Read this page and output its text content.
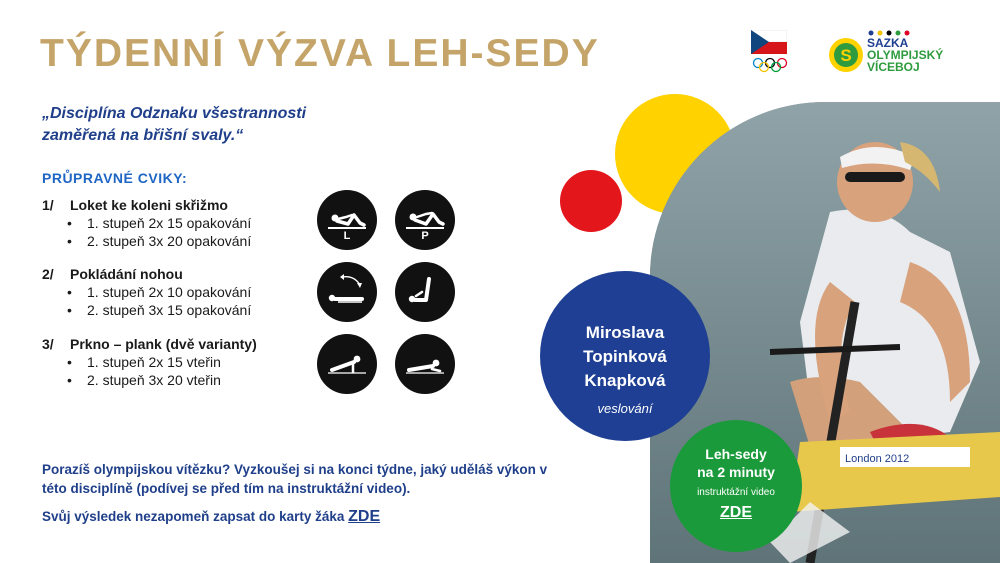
TÝDENNÍ VÝZVA LEH-SEDY	S
SAZKA
OLYMPIJSKÝ
VÍCEBOJ
„Disciplína Odznaku všestrannosti
zaměřená na břišní svaly.“
PRŮPRAVNÉ CVIKY:
1/	Loket ke koleni skřižmo
• 1. stupeň 2x 15 opakování
• 2. stupeň 3x 20 opakování
2/	Pokládání nohou
• 1. stupeň 2x 10 opakování
• 2. stupeň 3x 15 opakování
3/	Prkno – plank (dvě varianty)
• 1. stupeň 2x 15 vteřin
• 2. stupeň 3x 20 vteřin
L	P
Porazíš olympijskou vítězku? Vyzkoušej si na konci týdne, jaký uděláš výkon v této disciplíně (podívej se před tím na instruktážní video).
Svůj výsledek nezapomeň zapsat do karty žáka ZDE
London 2012
Miroslava
Topinková
Knapková
veslování
Leh-sedy
na 2 minuty
instruktážní video
ZDE
